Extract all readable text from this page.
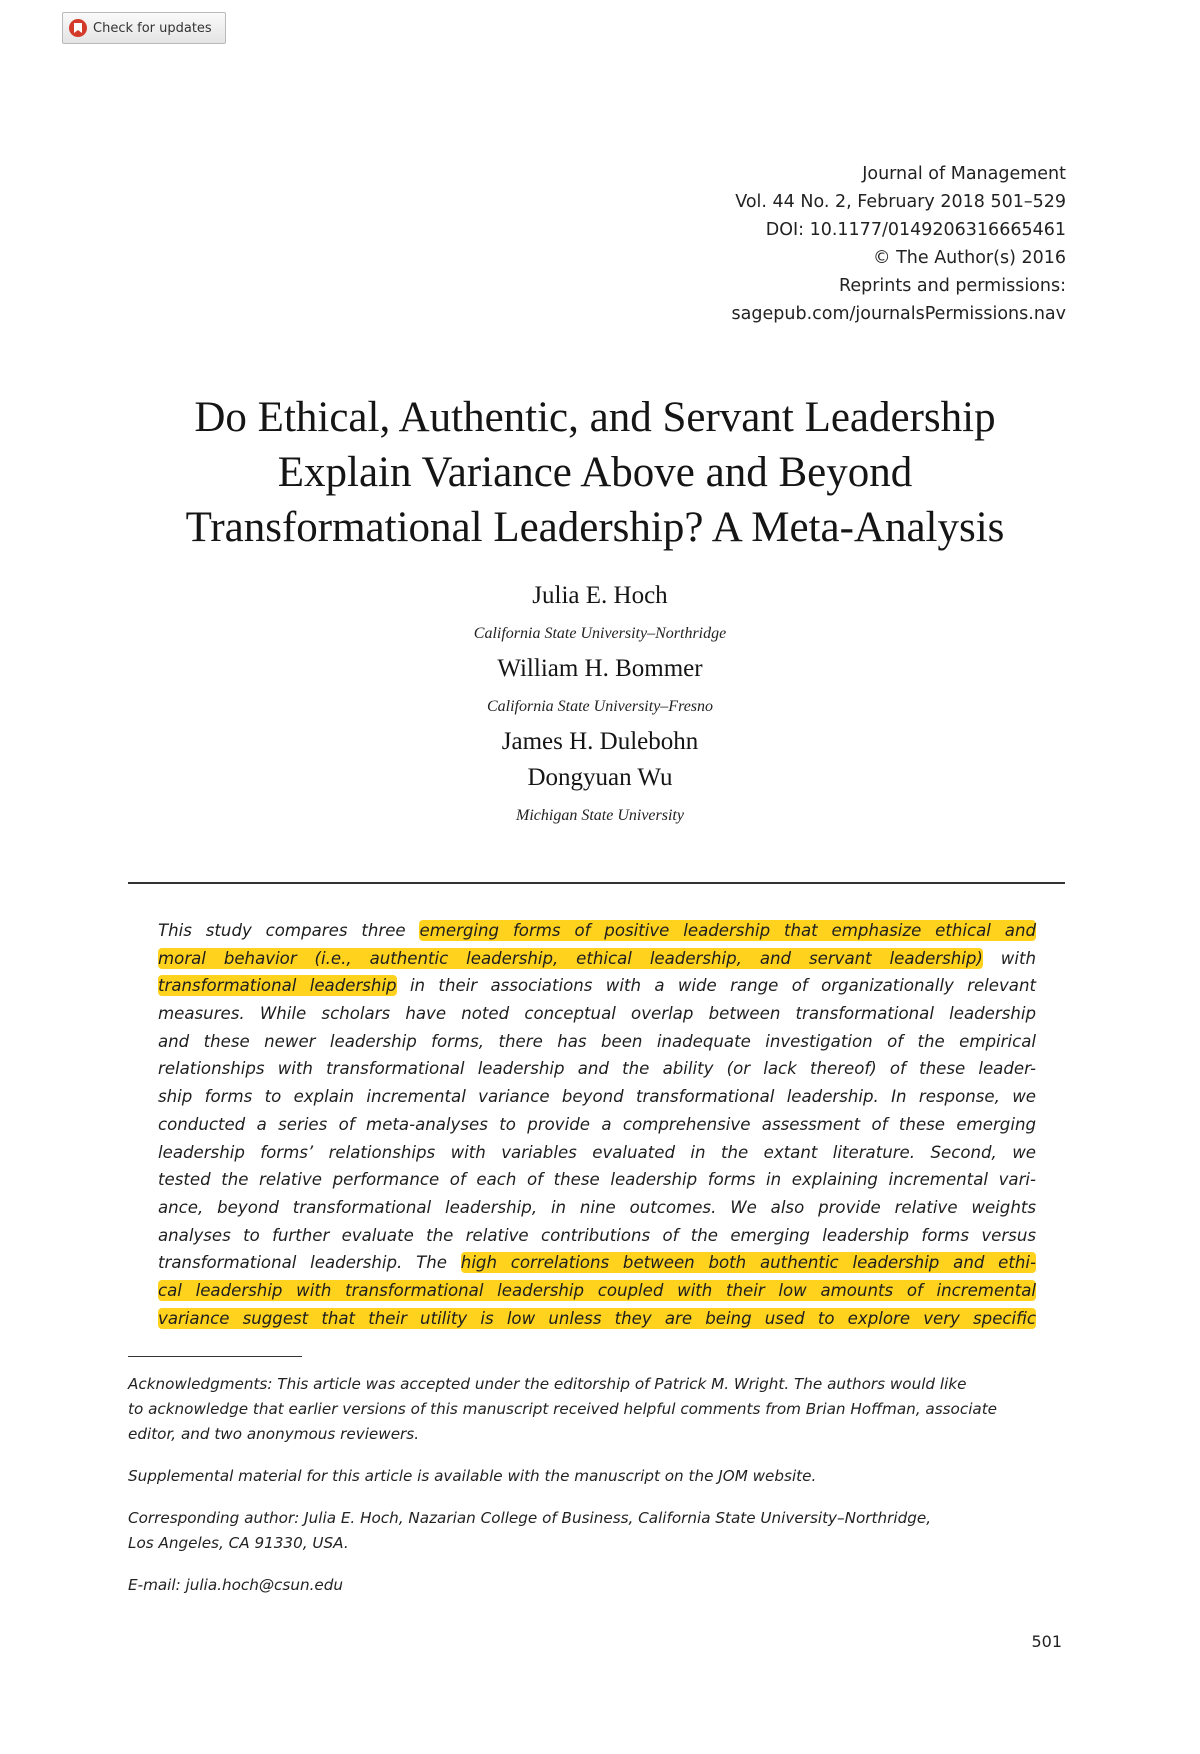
Check for updates
Journal of Management
Vol. 44 No. 2, February 2018 501–529
DOI: 10.1177/0149206316665461
© The Author(s) 2016
Reprints and permissions:
sagepub.com/journalsPermissions.nav
Do Ethical, Authentic, and Servant Leadership
Explain Variance Above and Beyond
Transformational Leadership? A Meta-Analysis
Julia E. Hoch
California State University–Northridge
William H. Bommer
California State University–Fresno
James H. Dulebohn
Dongyuan Wu
Michigan State University
This study compares three emerging forms of positive leadership that emphasize ethical and
moral behavior (i.e., authentic leadership, ethical leadership, and servant leadership) with
transformational leadership in their associations with a wide range of organizationally relevant
measures. While scholars have noted conceptual overlap between transformational leadership
and these newer leadership forms, there has been inadequate investigation of the empirical
relationships with transformational leadership and the ability (or lack thereof) of these leader-
ship forms to explain incremental variance beyond transformational leadership. In response, we
conducted a series of meta-analyses to provide a comprehensive assessment of these emerging
leadership forms’ relationships with variables evaluated in the extant literature. Second, we
tested the relative performance of each of these leadership forms in explaining incremental vari-
ance, beyond transformational leadership, in nine outcomes. We also provide relative weights
analyses to further evaluate the relative contributions of the emerging leadership forms versus
transformational leadership. The high correlations between both authentic leadership and ethi-
cal leadership with transformational leadership coupled with their low amounts of incremental
variance suggest that their utility is low unless they are being used to explore very specific

Acknowledgments: This article was accepted under the editorship of Patrick M. Wright. The authors would like
to acknowledge that earlier versions of this manuscript received helpful comments from Brian Hoffman, associate
editor, and two anonymous reviewers.

Supplemental material for this article is available with the manuscript on the JOM website.

Corresponding author: Julia E. Hoch, Nazarian College of Business, California State University–Northridge,
Los Angeles, CA 91330, USA.

E-mail: julia.hoch@csun.edu

501
